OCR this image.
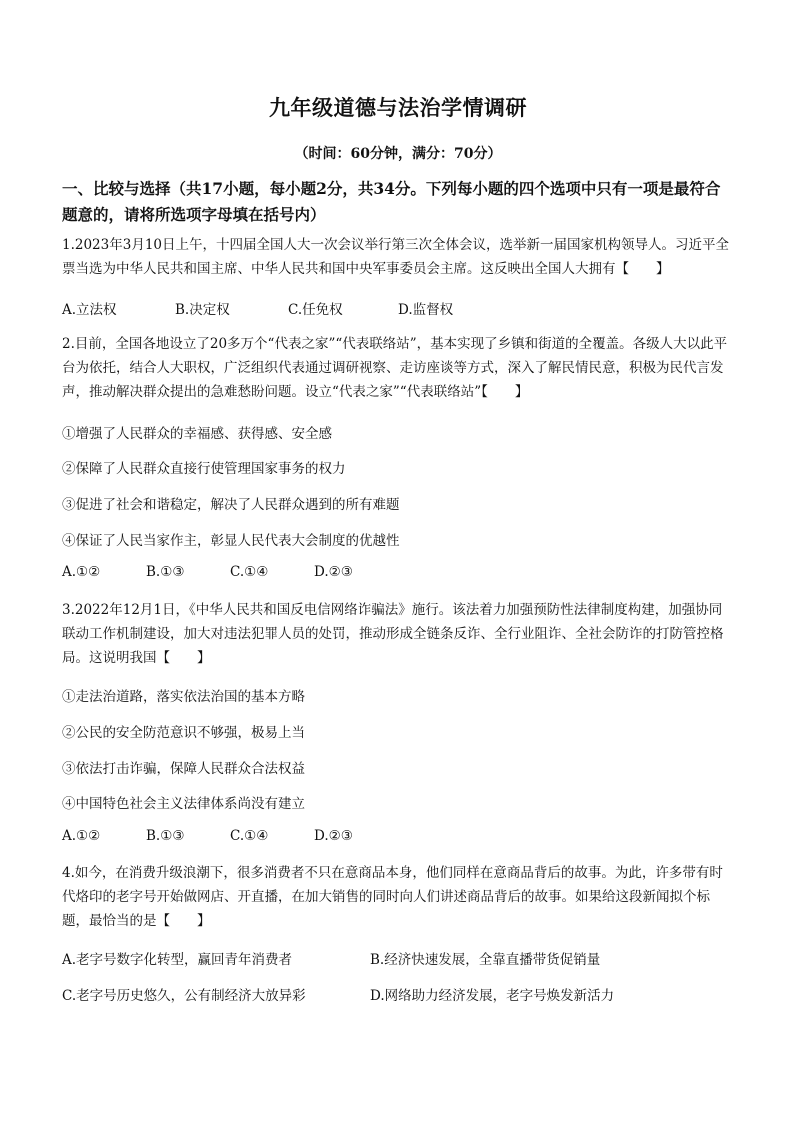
九年级道德与法治学情调研
（时间：60分钟，满分：70分）
一、比较与选择（共17小题，每小题2分，共34分。下列每小题的四个选项中只有一项是最符合题意的，请将所选项字母填在括号内）
1.2023年3月10日上午，十四届全国人大一次会议举行第三次全体会议，选举新一届国家机构领导人。习近平全票当选为中华人民共和国主席、中华人民共和国中央军事委员会主席。这反映出全国人大拥有【　　】
A.立法权	B.决定权	C.任免权	D.监督权
2.目前，全国各地设立了20多万个“代表之家”“代表联络站”，基本实现了乡镇和街道的全覆盖。各级人大以此平台为依托，结合人大职权，广泛组织代表通过调研视察、走访座谈等方式，深入了解民情民意，积极为民代言发声，推动解决群众提出的急难愁盼问题。设立“代表之家”“代表联络站”【　　】
①增强了人民群众的幸福感、获得感、安全感
②保障了人民群众直接行使管理国家事务的权力
③促进了社会和谐稳定，解决了人民群众遇到的所有难题
④保证了人民当家作主，彰显人民代表大会制度的优越性
A.①②	B.①③	C.①④	D.②③
3.2022年12月1日，《中华人民共和国反电信网络诈骗法》施行。该法着力加强预防性法律制度构建，加强协同联动工作机制建设，加大对违法犯罪人员的处罚，推动形成全链条反诈、全行业阻诈、全社会防诈的打防管控格局。这说明我国【　　】
①走法治道路，落实依法治国的基本方略
②公民的安全防范意识不够强，极易上当
③依法打击诈骗，保障人民群众合法权益
④中国特色社会主义法律体系尚没有建立
A.①②	B.①③	C.①④	D.②③
4.如今，在消费升级浪潮下，很多消费者不只在意商品本身，他们同样在意商品背后的故事。为此，许多带有时代烙印的老字号开始做网店、开直播，在加大销售的同时向人们讲述商品背后的故事。如果给这段新闻拟个标题，最恰当的是【　　】
A.老字号数字化转型，赢回青年消费者	B.经济快速发展，全靠直播带货促销量
C.老字号历史悠久，公有制经济大放异彩	D.网络助力经济发展，老字号焕发新活力
